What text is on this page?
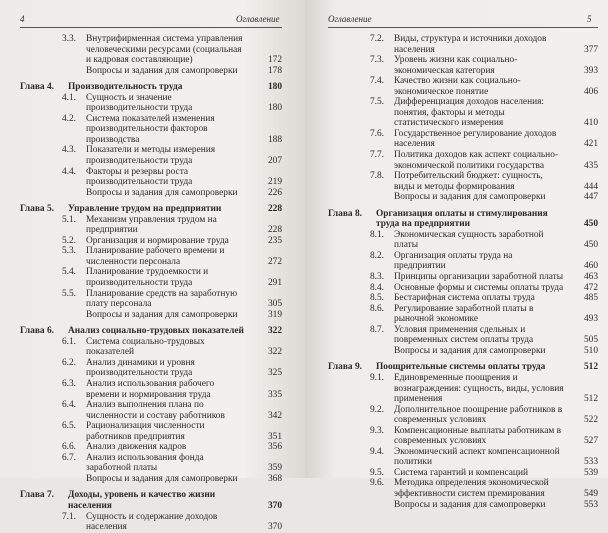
4	Оглавление
3.3.	Внутрифирменная система управления человеческими ресурсами (социальная и кадровая составляющие)	172
Вопросы и задания для самопроверки	178
Глава 4.	Производительность труда	180
4.1.	Сущность и значение производительности труда	180
4.2.	Система показателей изменения производительности факторов производства	188
4.3.	Показатели и методы измерения производительности труда	207
4.4.	Факторы и резервы роста производительности труда	219
Вопросы и задания для самопроверки	226
Глава 5.	Управление трудом на предприятии	228
5.1.	Механизм управления трудом на предприятии	228
5.2.	Организация и нормирование труда	235
5.3.	Планирование рабочего времени и численности персонала	272
5.4.	Планирование трудоемкости и производительности труда	291
5.5.	Планирование средств на заработную плату персонала	305
Вопросы и задания для самопроверки	319
Глава 6.	Анализ социально-трудовых показателей	322
6.1.	Система социально-трудовых показателей	322
6.2.	Анализ динамики и уровня производительности труда	325
6.3.	Анализ использования рабочего времени и нормирования труда	335
6.4.	Анализ выполнения плана по численности и составу работников	342
6.5.	Рационализация численности работников предприятия	351
6.6.	Анализ движения кадров	356
6.7.	Анализ использования фонда заработной платы	359
Вопросы и задания для самопроверки	368
Глава 7.	Доходы, уровень и качество жизни населения	370
7.1.	Сущность и содержание доходов населения	370
Оглавление	5
7.2.	Виды, структура и источники доходов населения	377
7.3.	Уровень жизни как социально-экономическая категория	393
7.4.	Качество жизни как социально-экономическое понятие	406
7.5.	Дифференциация доходов населения: понятия, факторы и методы статистического измерения	410
7.6.	Государственное регулирование доходов населения	421
7.7.	Политика доходов как аспект социально-экономической политики государства	435
7.8.	Потребительский бюджет: сущность, виды и методы формирования	444
Вопросы и задания для самопроверки	447
Глава 8.	Организация оплаты и стимулирования труда на предприятии	450
8.1.	Экономическая сущность заработной платы	450
8.2.	Организация оплаты труда на предприятии	460
8.3.	Принципы организации заработной платы	463
8.4.	Основные формы и системы оплаты труда	472
8.5.	Бестарифная система оплаты труда	485
8.6.	Регулирование заработной платы в рыночной экономике	493
8.7.	Условия применения сдельных и повременных систем оплаты труда	505
Вопросы и задания для самопроверки	510
Глава 9.	Поощрительные системы оплаты труда	512
9.1.	Единовременные поощрения и вознаграждения: сущность, виды, условия применения	512
9.2.	Дополнительное поощрение работников в современных условиях	522
9.3.	Компенсационные выплаты работникам в современных условиях	527
9.4.	Экономический аспект компенсационной политики	533
9.5.	Система гарантий и компенсаций	539
9.6.	Методика определения экономической эффективности систем премирования	549
Вопросы и задания для самопроверки	553
